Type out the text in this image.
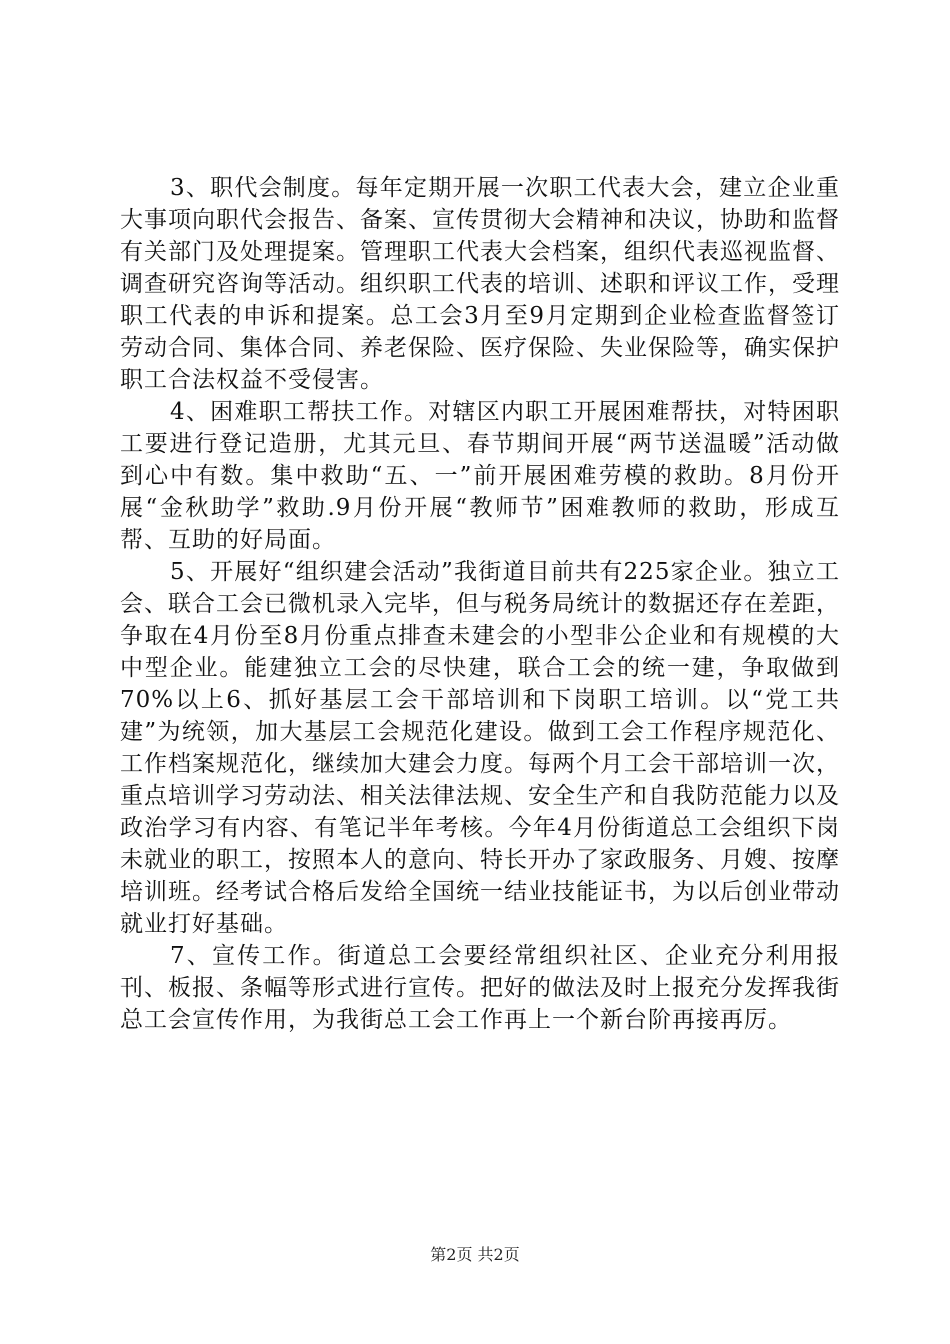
3、职代会制度。每年定期开展一次职工代表大会，建立企业重大事项向职代会报告、备案、宣传贯彻大会精神和决议，协助和监督有关部门及处理提案。管理职工代表大会档案，组织代表巡视监督、调查研究咨询等活动。组织职工代表的培训、述职和评议工作，受理职工代表的申诉和提案。总工会3月至9月定期到企业检查监督签订劳动合同、集体合同、养老保险、医疗保险、失业保险等，确实保护职工合法权益不受侵害。

4、困难职工帮扶工作。对辖区内职工开展困难帮扶，对特困职工要进行登记造册，尤其元旦、春节期间开展“两节送温暖”活动做到心中有数。集中救助“五、一”前开展困难劳模的救助。8月份开展“金秋助学”救助.9月份开展“教师节”困难教师的救助，形成互帮、互助的好局面。

5、开展好“组织建会活动”我街道目前共有225家企业。独立工会、联合工会已微机录入完毕，但与税务局统计的数据还存在差距，争取在4月份至8月份重点排查未建会的小型非公企业和有规模的大中型企业。能建独立工会的尽快建，联合工会的统一建，争取做到70%以上6、抓好基层工会干部培训和下岗职工培训。以“党工共建”为统领，加大基层工会规范化建设。做到工会工作程序规范化、工作档案规范化，继续加大建会力度。每两个月工会干部培训一次，重点培训学习劳动法、相关法律法规、安全生产和自我防范能力以及政治学习有内容、有笔记半年考核。今年4月份街道总工会组织下岗未就业的职工，按照本人的意向、特长开办了家政服务、月嫂、按摩培训班。经考试合格后发给全国统一结业技能证书，为以后创业带动就业打好基础。

7、宣传工作。街道总工会要经常组织社区、企业充分利用报刊、板报、条幅等形式进行宣传。把好的做法及时上报充分发挥我街总工会宣传作用，为我街总工会工作再上一个新台阶再接再厉。

第2页 共2页
